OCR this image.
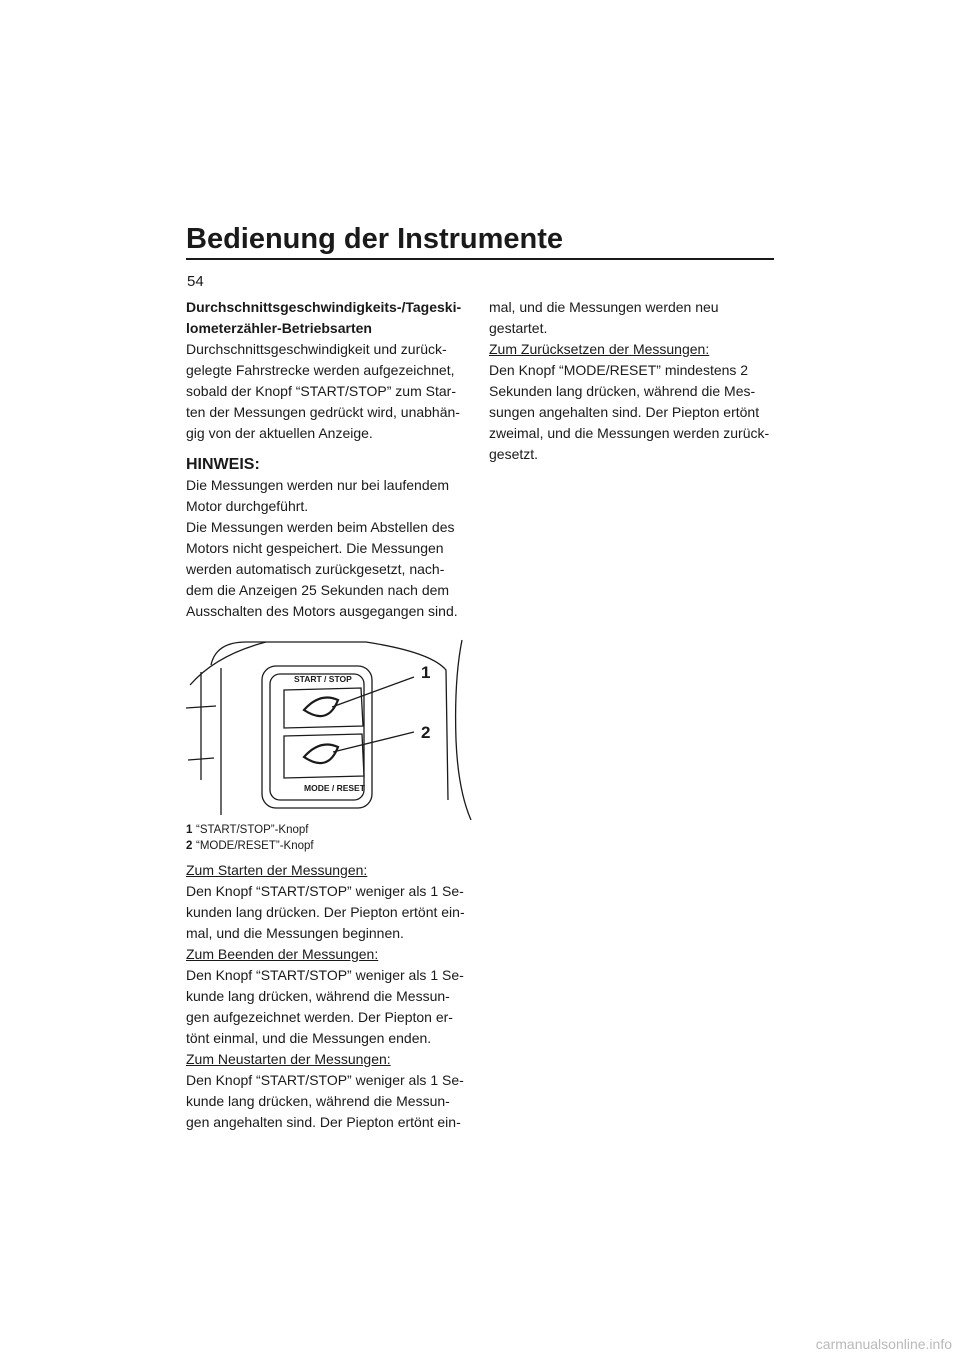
Bedienung der Instrumente
54

Durchschnittsgeschwindigkeits-/Tageski-

lometerzähler-Betriebsarten

Durchschnittsgeschwindigkeit und zurück-

gelegte Fahrstrecke werden aufgezeichnet,

sobald der Knopf “START/STOP” zum Star-

ten der Messungen gedrückt wird, unabhän-

gig von der aktuellen Anzeige.

HINWEIS:

Die Messungen werden nur bei laufendem

Motor durchgeführt.

Die Messungen werden beim Abstellen des

Motors nicht gespeichert. Die Messungen

werden automatisch zurückgesetzt, nach-

dem die Anzeigen 25 Sekunden nach dem

Ausschalten des Motors ausgegangen sind.

START / STOP
MODE / RESET
1
2
1 “START/STOP”-Knopf
2 “MODE/RESET”-Knopf

Zum Starten der Messungen:

Den Knopf “START/STOP” weniger als 1 Se-

kunden lang drücken. Der Piepton ertönt ein-

mal, und die Messungen beginnen.

Zum Beenden der Messungen:

Den Knopf “START/STOP” weniger als 1 Se-

kunde lang drücken, während die Messun-

gen aufgezeichnet werden. Der Piepton er-

tönt einmal, und die Messungen enden.

Zum Neustarten der Messungen:

Den Knopf “START/STOP” weniger als 1 Se-

kunde lang drücken, während die Messun-

gen angehalten sind. Der Piepton ertönt ein-

mal, und die Messungen werden neu

gestartet.

Zum Zurücksetzen der Messungen:

Den Knopf “MODE/RESET” mindestens 2

Sekunden lang drücken, während die Mes-

sungen angehalten sind. Der Piepton ertönt

zweimal, und die Messungen werden zurück-

gesetzt.

carmanualsonline.info
